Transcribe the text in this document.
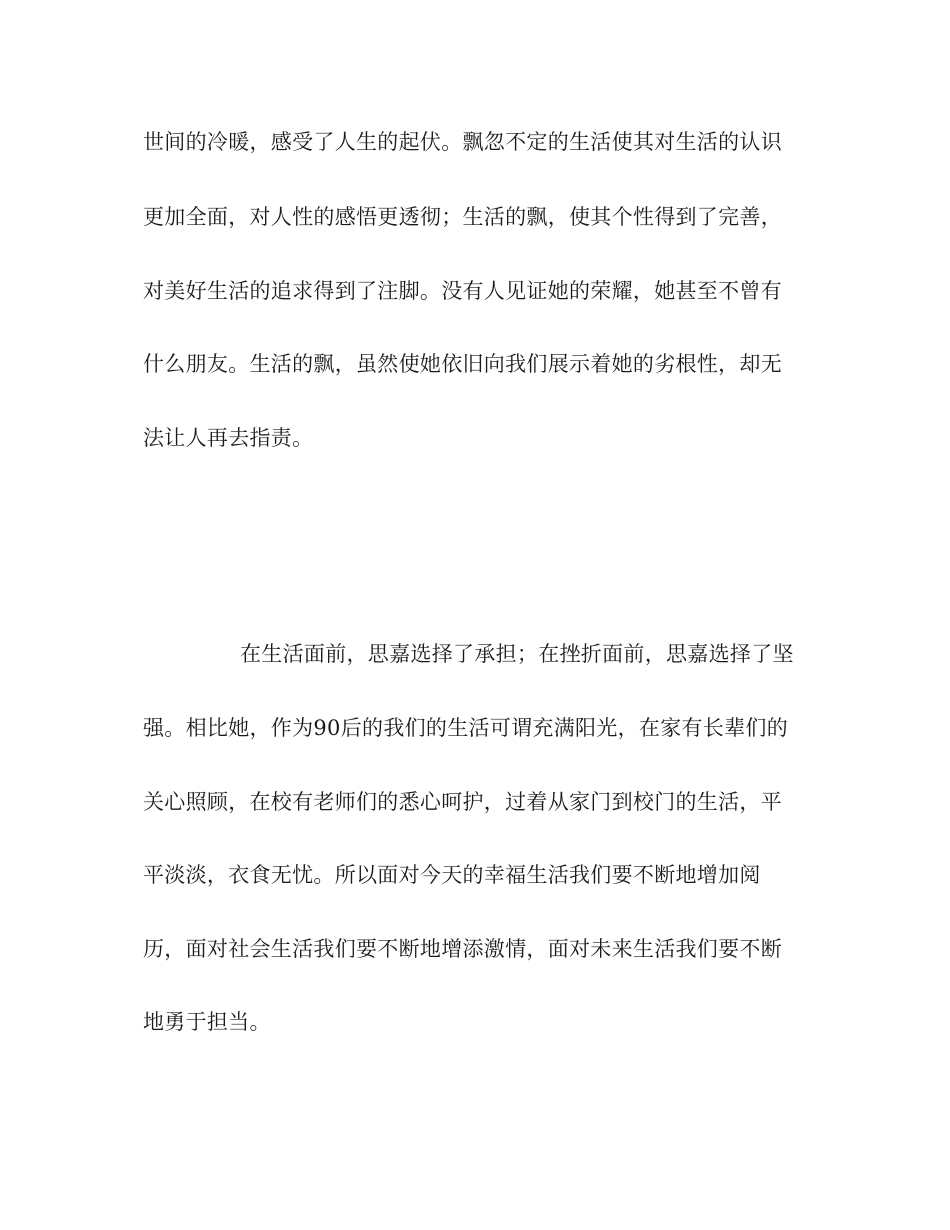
世间的冷暖，感受了人生的起伏。飘忽不定的生活使其对生活的认识
更加全面，对人性的感悟更透彻；生活的飘，使其个性得到了完善，
对美好生活的追求得到了注脚。没有人见证她的荣耀，她甚至不曾有
什么朋友。生活的飘，虽然使她依旧向我们展示着她的劣根性，却无
法让人再去指责。
在生活面前，思嘉选择了承担；在挫折面前，思嘉选择了坚
强。相比她，作为90后的我们的生活可谓充满阳光，在家有长辈们的
关心照顾，在校有老师们的悉心呵护，过着从家门到校门的生活，平
平淡淡，衣食无忧。所以面对今天的幸福生活我们要不断地增加阅
历，面对社会生活我们要不断地增添激情，面对未来生活我们要不断
地勇于担当。
